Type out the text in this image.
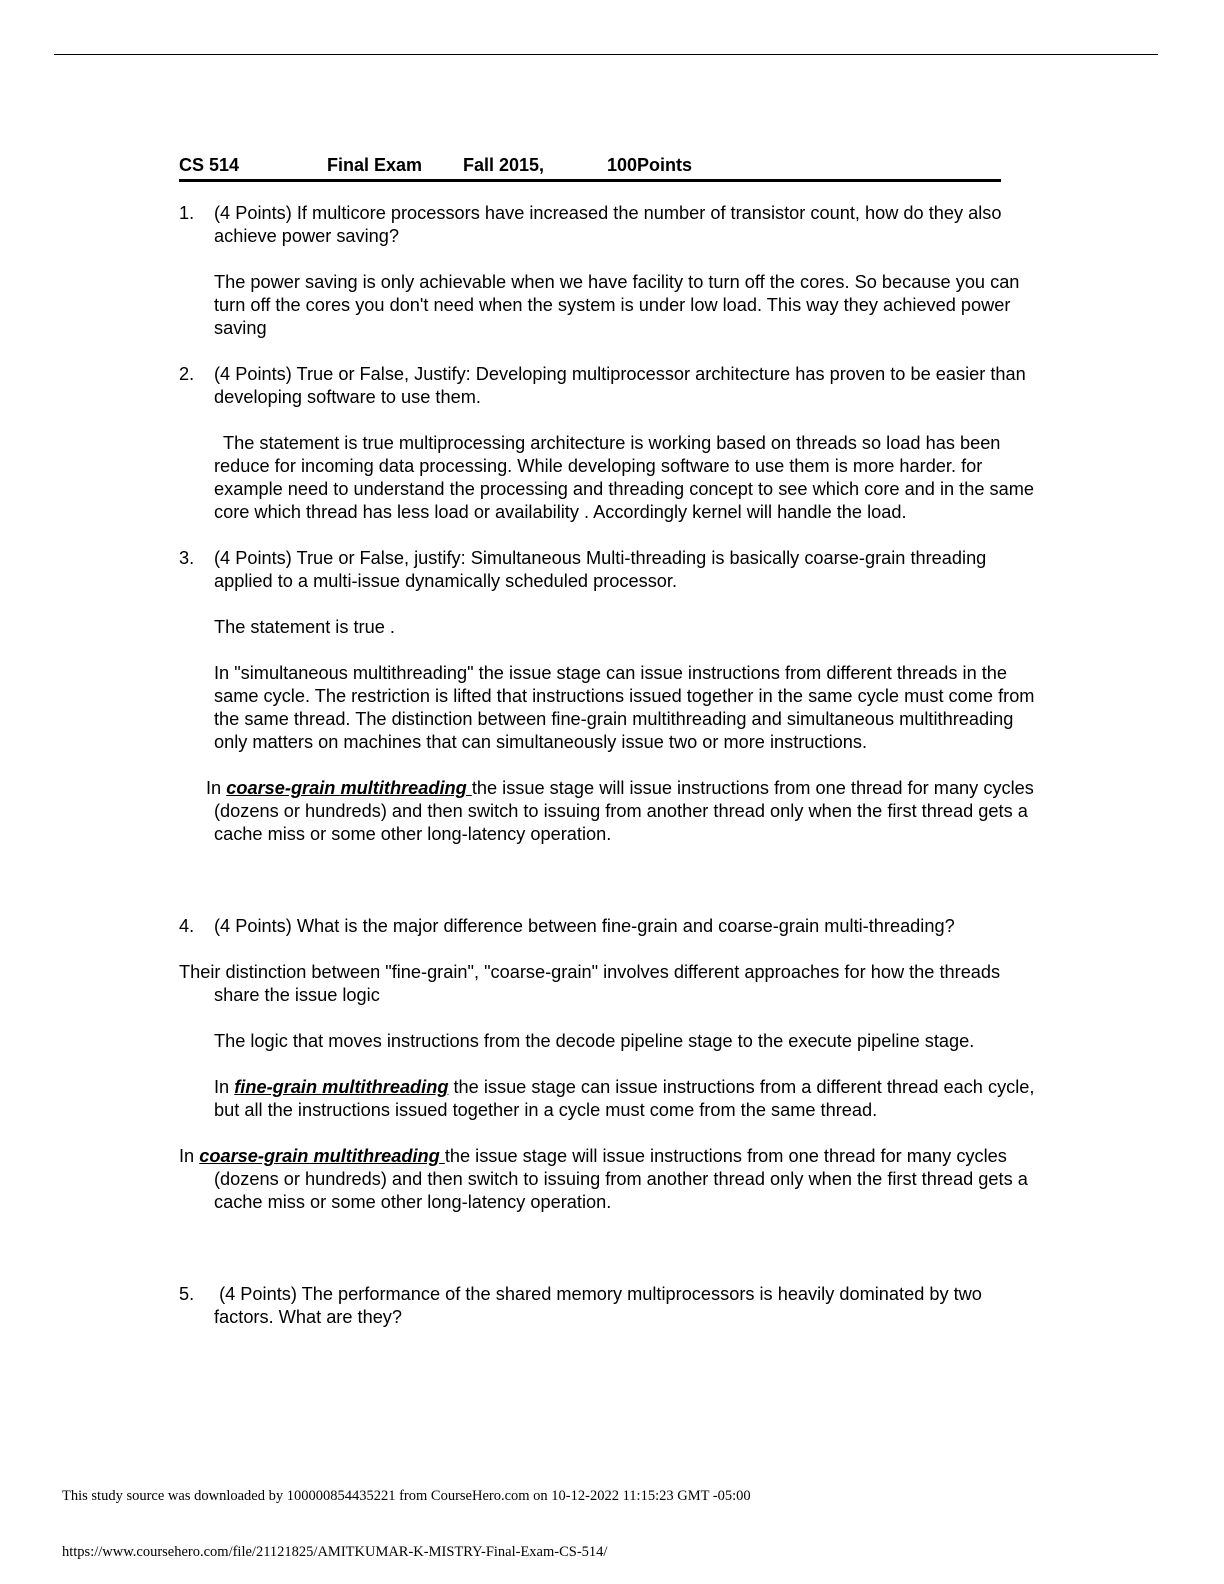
CS 514	Final Exam Fall 2015,	100Points
1. (4 Points) If multicore processors have increased the number of transistor count, how do they also achieve power saving?

The power saving is only achievable when we have facility to turn off the cores. So because you can turn off the cores you don't need when the system is under low load. This way they achieved power saving

2. (4 Points) True or False, Justify: Developing multiprocessor architecture has proven to be easier than developing software to use them.

The statement is true multiprocessing architecture is working based on threads so load has been reduce for incoming data processing. While developing software to use them is more harder. for example need to understand the processing and threading concept to see which core and in the same core which thread has less load or availability . Accordingly kernel will handle the load.

3. (4 Points) True or False, justify: Simultaneous Multi-threading is basically coarse-grain threading applied to a multi-issue dynamically scheduled processor.

The statement is true .

In "simultaneous multithreading" the issue stage can issue instructions from different threads in the same cycle. The restriction is lifted that instructions issued together in the same cycle must come from the same thread. The distinction between fine-grain multithreading and simultaneous multithreading only matters on machines that can simultaneously issue two or more instructions.

In coarse-grain multithreading the issue stage will issue instructions from one thread for many cycles (dozens or hundreds) and then switch to issuing from another thread only when the first thread gets a cache miss or some other long-latency operation.

4. (4 Points) What is the major difference between fine-grain and coarse-grain multi-threading?

Their distinction between "fine-grain", "coarse-grain" involves different approaches for how the threads share the issue logic

The logic that moves instructions from the decode pipeline stage to the execute pipeline stage.

In fine-grain multithreading the issue stage can issue instructions from a different thread each cycle, but all the instructions issued together in a cycle must come from the same thread.

In coarse-grain multithreading the issue stage will issue instructions from one thread for many cycles (dozens or hundreds) and then switch to issuing from another thread only when the first thread gets a cache miss or some other long-latency operation.

5. (4 Points) The performance of the shared memory multiprocessors is heavily dominated by two factors. What are they?
This study source was downloaded by 100000854435221 from CourseHero.com on 10-12-2022 11:15:23 GMT -05:00
https://www.coursehero.com/file/21121825/AMITKUMAR-K-MISTRY-Final-Exam-CS-514/
